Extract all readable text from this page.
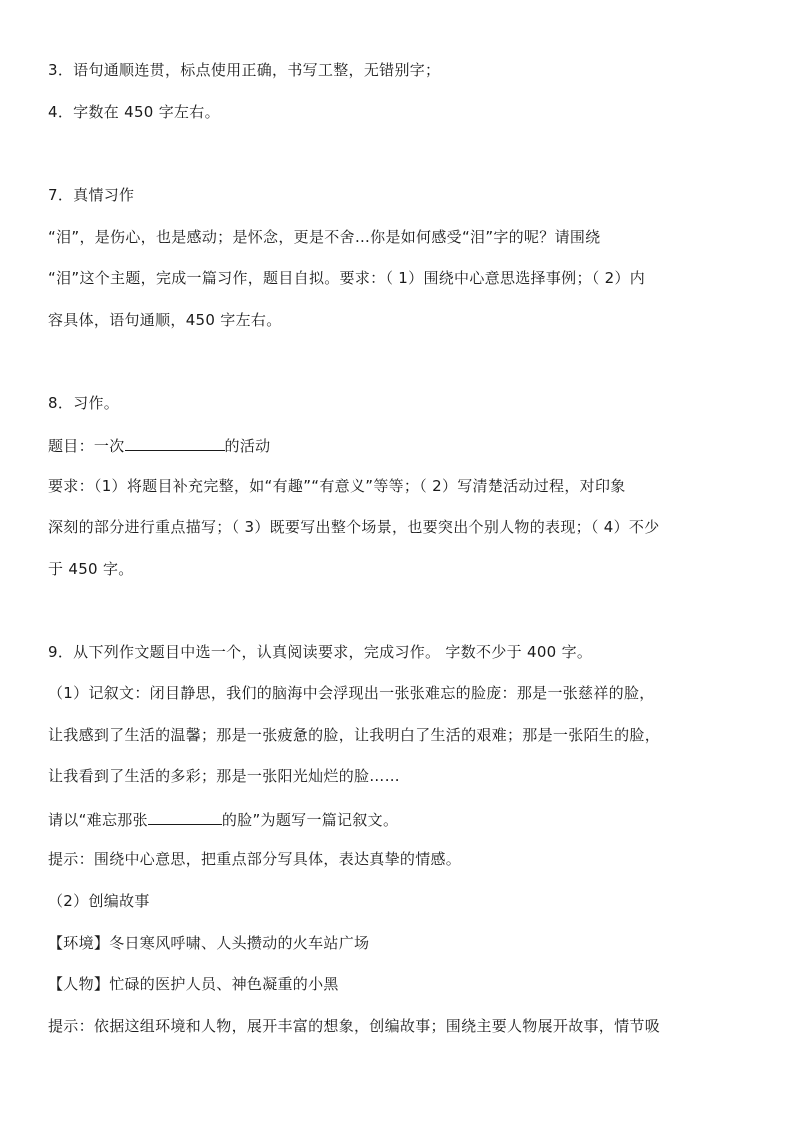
3．语句通顺连贯，标点使用正确，书写工整，无错别字；
4．字数在 450 字左右。
7．真情习作
“泪”，是伤心，也是感动；是怀念，更是不舍…你是如何感受“泪”字的呢？请围绕
“泪”这个主题，完成一篇习作，题目自拟。要求：（ 1）围绕中心意思选择事例；（ 2）内
容具体，语句通顺，450 字左右。
8．习作。
题目：一次	的活动
要求：（1）将题目补充完整，如“有趣”“有意义”等等；（ 2）写清楚活动过程，对印象
深刻的部分进行重点描写；（ 3）既要写出整个场景，也要突出个别人物的表现；（ 4）不少
于 450 字。
9．从下列作文题目中选一个，认真阅读要求，完成习作。 字数不少于 400 字。
（1）记叙文：闭目静思，我们的脑海中会浮现出一张张难忘的脸庞：那是一张慈祥的脸，
让我感到了生活的温馨；那是一张疲惫的脸，让我明白了生活的艰难；那是一张陌生的脸，
让我看到了生活的多彩；那是一张阳光灿烂的脸……
请以“难忘那张	的脸”为题写一篇记叙文。
提示：围绕中心意思，把重点部分写具体，表达真挚的情感。
（2）创编故事
【环境】冬日寒风呼啸、人头攒动的火车站广场
【人物】忙碌的医护人员、神色凝重的小黑
提示：依据这组环境和人物，展开丰富的想象，创编故事；围绕主要人物展开故事，情节吸
